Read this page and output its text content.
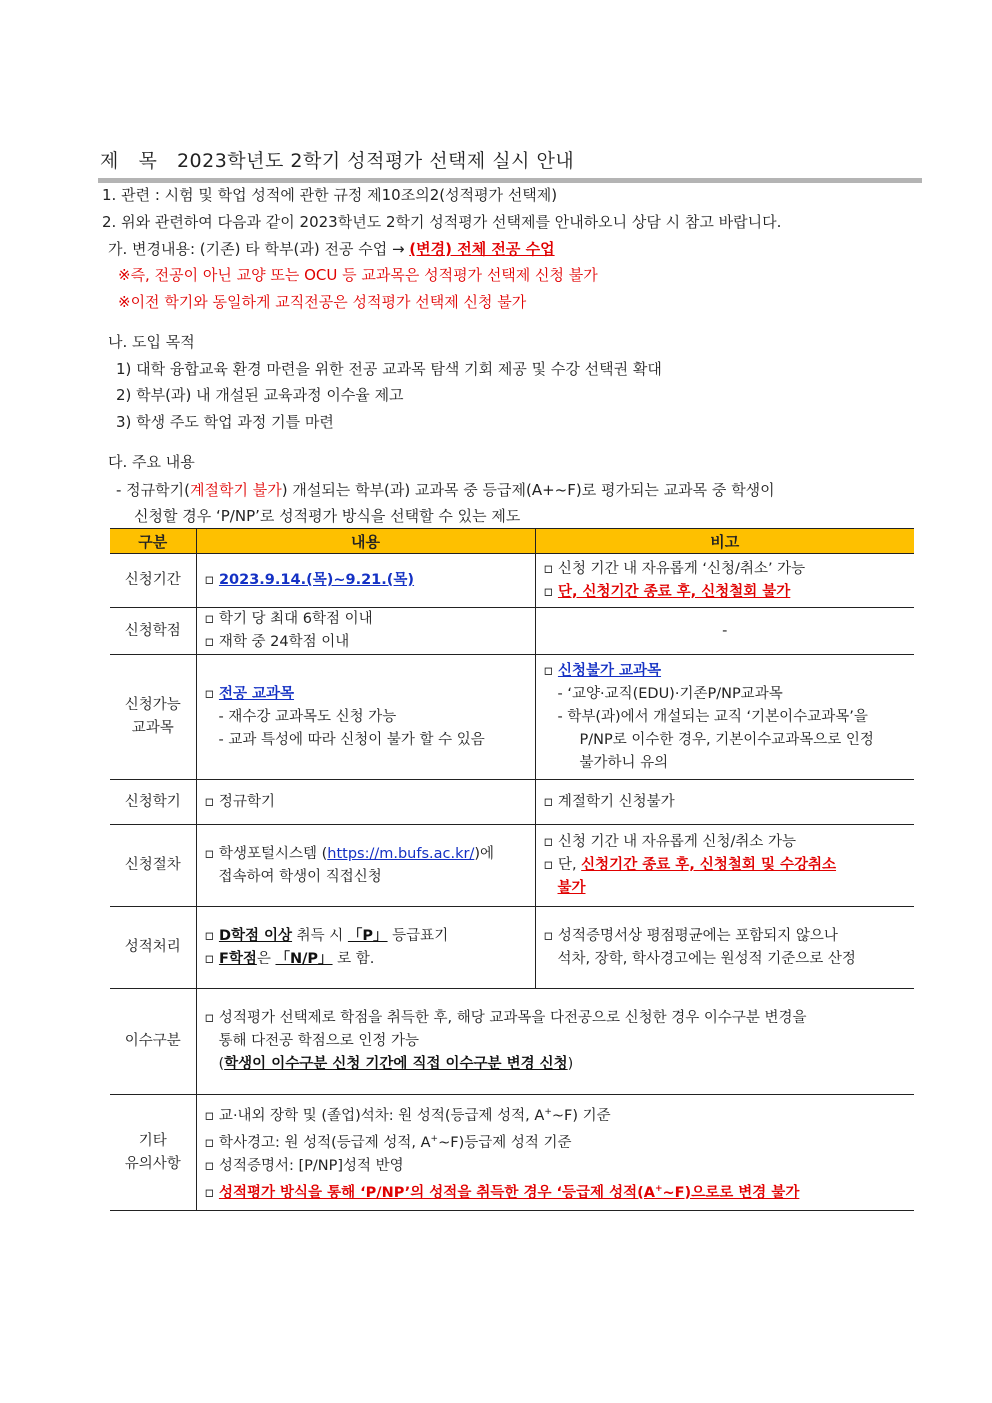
제   목   2023학년도 2학기 성적평가 선택제 실시 안내
1. 관련 : 시험 및 학업 성적에 관한 규정 제10조의2(성적평가 선택제)
2. 위와 관련하여 다음과 같이 2023학년도 2학기 성적평가 선택제를 안내하오니 상담 시 참고 바랍니다.
가. 변경내용: (기존) 타 학부(과) 전공 수업 → (변경) 전체 전공 수업
※즉, 전공이 아닌 교양 또는 OCU 등 교과목은 성적평가 선택제 신청 불가
※이전 학기와 동일하게 교직전공은 성적평가 선택제 신청 불가
나. 도입 목적
1) 대학 융합교육 환경 마련을 위한 전공 교과목 탐색 기회 제공 및 수강 선택권 확대
2) 학부(과) 내 개설된 교육과정 이수율 제고
3) 학생 주도 학업 과정 기틀 마련
다. 주요 내용
- 정규학기(계절학기 불가) 개설되는 학부(과) 교과목 중 등급제(A+~F)로 평가되는 교과목 중 학생이
신청할 경우 ‘P/NP’로 성적평가 방식을 선택할 수 있는 제도
구분	내용	비고
신청기간	▫ 2023.9.14.(목)~9.21.(목)	▫ 신청 기간 내 자유롭게 ‘신청/취소’ 가능
▫ 단, 신청기간 종료 후, 신청철회 불가

신청학점	▫ 학기 당 최대 6학점 이내
▫ 재학 중 24학점 이내	-

신청가능
교과목	▫ 전공 교과목
- 재수강 교과목도 신청 가능
- 교과 특성에 따라 신청이 불가 할 수 있음	▫ 신청불가 교과목
- ‘교양·교직(EDU)·기존P/NP교과목
- 학부(과)에서 개설되는 교직 ‘기본이수교과목’을
P/NP로 이수한 경우, 기본이수교과목으로 인정
불가하니 유의

신청학기	▫ 정규학기	▫ 계절학기 신청불가
신청절차	▫ 학생포털시스템 (https://m.bufs.ac.kr/)에
접속하여 학생이 직접신청	▫ 신청 기간 내 자유롭게 신청/취소 가능
▫ 단, 신청기간 종료 후, 신청철회 및 수강취소
불가

성적처리	▫ D학점 이상 취득 시 「P」 등급표기
▫ F학점은 「N/P」 로 함.	▫ 성적증명서상 평점평균에는 포함되지 않으나
석차, 장학, 학사경고에는 원성적 기준으로 산정

이수구분	▫ 성적평가 선택제로 학점을 취득한 후, 해당 교과목을 다전공으로 신청한 경우 이수구분 변경을
통해 다전공 학점으로 인정 가능
(학생이 이수구분 신청 기간에 직접 이수구분 변경 신청)	

기타
유의사항	▫ 교·내외 장학 및 (졸업)석차: 원 성적(등급제 성적, A+~F) 기준
▫ 학사경고: 원 성적(등급제 성적, A+~F)등급제 성적 기준
▫ 성적증명서: [P/NP]성적 반영
▫ 성적평가 방식을 통해 ‘P/NP’의 성적을 취득한 경우 ‘등급제 성적(A+~F)으로로 변경 불가	
